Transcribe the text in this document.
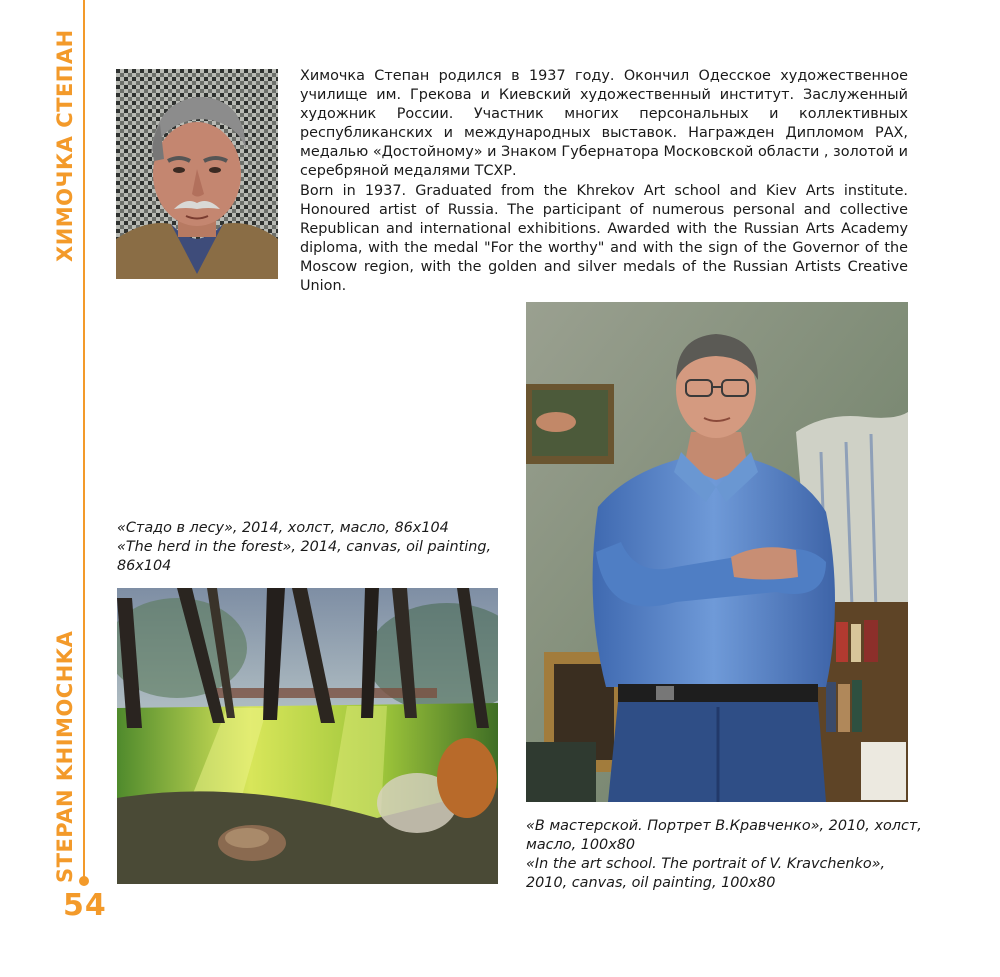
ХИМОЧКА СТЕПАН
STEPAN KHIMOCHKA
54

Химочка Степан родился в 1937 году. Окончил Одесское художественное училище им. Грекова и Киевский художественный институт. Заслуженный художник России. Участник многих персональных и коллективных республиканских и международных выставок. Награжден Дипломом РАХ, медалью «Достойному» и Знаком Губернатора Московской области , золотой и серебряной медалями ТСХР.

Born in 1937. Graduated from the Khrekov Art school and Kiev Arts institute. Honoured artist of Russia. The participant of numerous personal and collective Republican and international exhibitions. Awarded with the Russian Arts Academy diploma, with the medal "For the worthy" and with the sign of the Governor of the Moscow region, with the golden and silver medals of the Russian Artists Creative Union.

«Стадо в лесу», 2014, холст, масло, 86х104
«The herd in the forest», 2014, canvas, oil painting, 86x104

«В мастерской. Портрет В.Кравченко», 2010, холст, масло, 100х80
«In the art school. The portrait of V. Kravchenko», 2010, canvas, oil painting, 100x80
